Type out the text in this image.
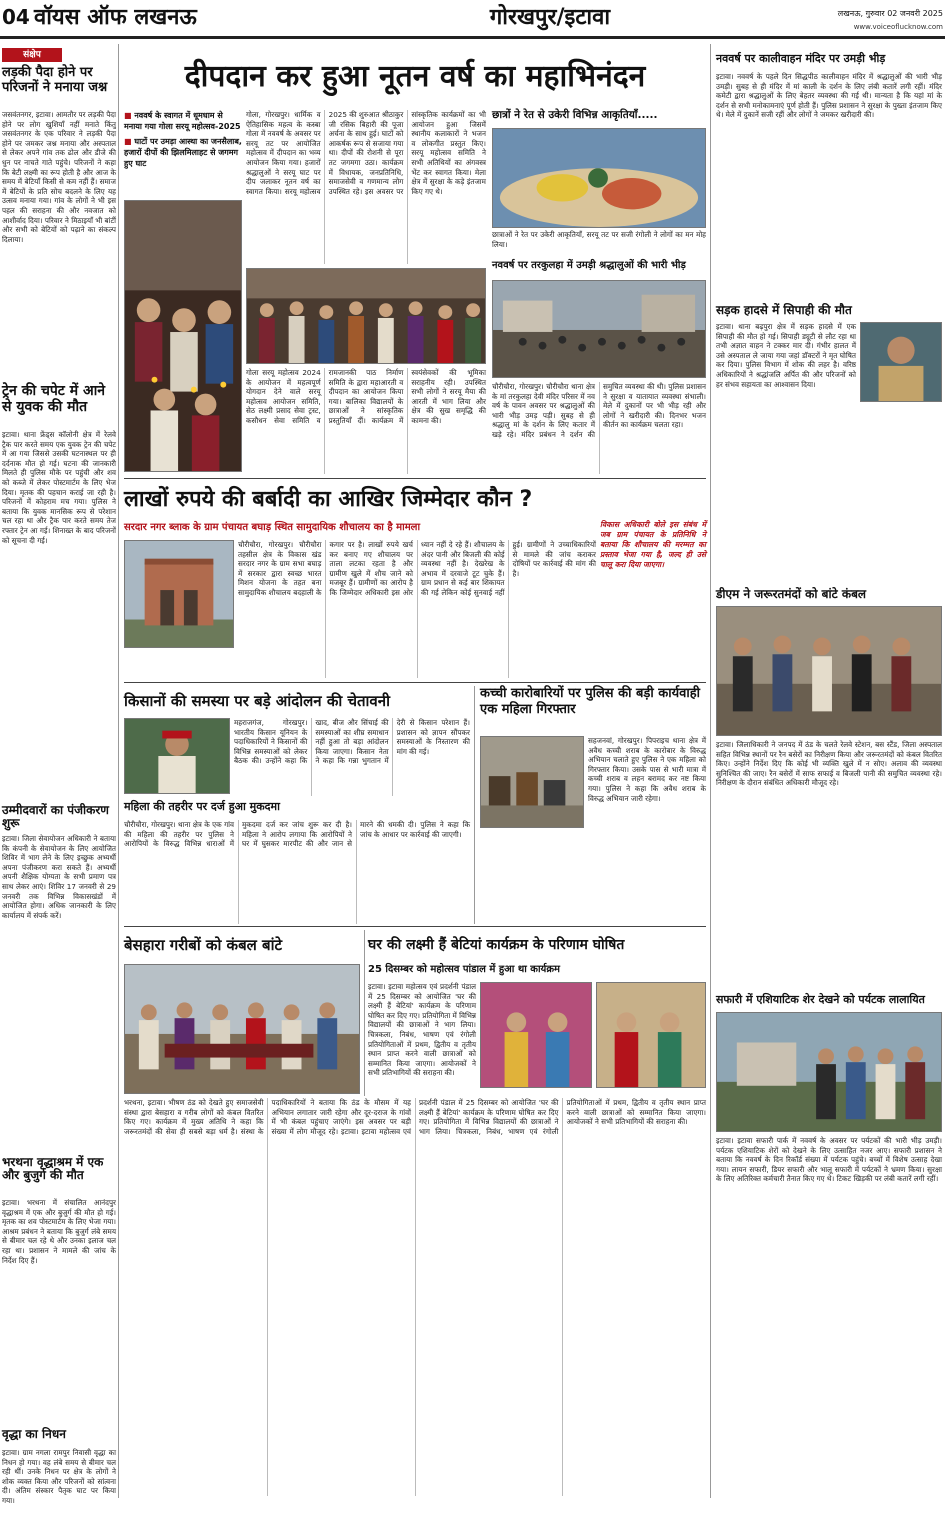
04 वॉयस ऑफ लखनऊ	गोरखपुर/इटावा	लखनऊ, गुरुवार 02 जनवरी 2025
www.voiceoflucknow.com
संक्षेप
लड़की पैदा होने पर परिजनों ने मनाया जश्न
जसवंतनगर, इटावा। आमतौर पर लड़की पैदा होने पर लोग खुशियाँ नहीं मनाते किंतु जसवंतनगर के एक परिवार ने लड़की पैदा होने पर जमकर जश्न मनाया और अस्पताल से लेकर अपने गांव तक ढोल और डीजे की धुन पर नाचते गाते पहुंचे। परिजनों ने कहा कि बेटी लक्ष्मी का रूप होती है और आज के समय में बेटियाँ किसी से कम नहीं हैं। समाज में बेटियों के प्रति सोच बदलने के लिए यह उत्सव मनाया गया। गांव के लोगों ने भी इस पहल की सराहना की और नवजात को आशीर्वाद दिया। परिवार ने मिठाइयाँ भी बांटीं और सभी को बेटियों को पढ़ाने का संकल्प दिलाया।
ट्रेन की चपेट में आने से युवक की मौत
इटावा। थाना फ्रेंड्स कॉलोनी क्षेत्र में रेलवे ट्रैक पार करते समय एक युवक ट्रेन की चपेट में आ गया जिससे उसकी घटनास्थल पर ही दर्दनाक मौत हो गई। घटना की जानकारी मिलते ही पुलिस मौके पर पहुंची और शव को कब्जे में लेकर पोस्टमार्टम के लिए भेज दिया। मृतक की पहचान कराई जा रही है। परिजनों में कोहराम मच गया। पुलिस ने बताया कि युवक मानसिक रूप से परेशान चल रहा था और ट्रैक पार करते समय तेज रफ्तार ट्रेन आ गई। शिनाख्त के बाद परिजनों को सूचना दी गई।
उम्मीदवारों का पंजीकरण शुरू
इटावा। जिला सेवायोजन अधिकारी ने बताया कि कंपनी के सेवायोजन के लिए आयोजित शिविर में भाग लेने के लिए इच्छुक अभ्यर्थी अपना पंजीकरण करा सकते हैं। अभ्यर्थी अपनी शैक्षिक योग्यता के सभी प्रमाण पत्र साथ लेकर आएं। शिविर 17 जनवरी से 29 जनवरी तक विभिन्न विकासखंडों में आयोजित होगा। अधिक जानकारी के लिए कार्यालय में संपर्क करें।
भरथना वृद्धाश्रम में एक और बुजुर्ग की मौत
इटावा। भरथना में संचालित आनंदपुर वृद्धाश्रम में एक और बुजुर्ग की मौत हो गई। मृतक का शव पोस्टमार्टम के लिए भेजा गया। आश्रम प्रबंधन ने बताया कि बुजुर्ग लंबे समय से बीमार चल रहे थे और उनका इलाज चल रहा था। प्रशासन ने मामले की जांच के निर्देश दिए हैं।
वृद्धा का निधन
इटावा। ग्राम नगला रामपुर निवासी वृद्धा का निधन हो गया। वह लंबे समय से बीमार चल रही थीं। उनके निधन पर क्षेत्र के लोगों ने शोक व्यक्त किया और परिजनों को सांत्वना दी। अंतिम संस्कार पैतृक घाट पर किया गया।
दीपदान कर हुआ नूतन वर्ष का महाभिनंदन
■ नववर्ष के स्वागत में धूमधाम से मनाया गया गोला सरयू महोत्सव-2025
■ घाटों पर उमड़ा आस्था का जनसैलाब, हजारों दीपों की झिलमिलाहट से जगमग हुए घाट
गोला, गोरखपुर। धार्मिक व ऐतिहासिक महत्व के कस्बा गोला में नववर्ष के अवसर पर सरयू तट पर आयोजित महोत्सव में दीपदान का भव्य आयोजन किया गया। हजारों श्रद्धालुओं ने सरयू घाट पर दीप जलाकर नूतन वर्ष का स्वागत किया। सरयू महोत्सव 2025 की शुरुआत श्रीठाकुर जी रसिक बिहारी की पूजा अर्चना के साथ हुई। घाटों को आकर्षक रूप से सजाया गया था। दीपों की रोशनी से पूरा तट जगमगा उठा। कार्यक्रम में विधायक, जनप्रतिनिधि, समाजसेवी व गणमान्य लोग उपस्थित रहे। इस अवसर पर सांस्कृतिक कार्यक्रमों का भी आयोजन हुआ जिसमें स्थानीय कलाकारों ने भजन व लोकगीत प्रस्तुत किए। सरयू महोत्सव समिति ने सभी अतिथियों का अंगवस्त्र भेंट कर स्वागत किया। मेला क्षेत्र में सुरक्षा के कड़े इंतजाम किए गए थे।
गोला सरयू महोत्सव 2024 के आयोजन में महत्वपूर्ण योगदान देने वाले सरयू महोत्सव आयोजन समिति, सेठ लक्ष्मी प्रसाद सेवा ट्रस्ट, कसौधन सेवा समिति व रामजानकी पाठ निर्माण समिति के द्वारा महाआरती व दीपदान का आयोजन किया गया। बालिका विद्यालयों के छात्राओं ने सांस्कृतिक प्रस्तुतियाँ दीं। कार्यक्रम में स्वयंसेवकों की भूमिका सराहनीय रही। उपस्थित सभी लोगों ने सरयू मैया की आरती में भाग लिया और क्षेत्र की सुख समृद्धि की कामना की।
छात्रों ने रेत से उकेरी विभिन्न आकृतियाँ.....
छात्राओं ने रेत पर उकेरी आकृतियाँ, सरयू तट पर सजी रंगोली ने लोगों का मन मोह लिया।
नववर्ष पर तरकुलहा में उमड़ी श्रद्धालुओं की भारी भीड़
चौरीचौरा, गोरखपुर। चौरीचौरा थाना क्षेत्र के मां तरकुलहा देवी मंदिर परिसर में नव वर्ष के पावन अवसर पर श्रद्धालुओं की भारी भीड़ उमड़ पड़ी। सुबह से ही श्रद्धालु मां के दर्शन के लिए कतार में खड़े रहे। मंदिर प्रबंधन ने दर्शन की समुचित व्यवस्था की थी। पुलिस प्रशासन ने सुरक्षा व यातायात व्यवस्था संभाली। मेले में दुकानों पर भी भीड़ रही और लोगों ने खरीदारी की। दिनभर भजन कीर्तन का कार्यक्रम चलता रहा।
लाखों रुपये की बर्बादी का आखिर जिम्मेदार कौन ?
सरदार नगर ब्लाक के ग्राम पंचायत बघाड़ स्थित सामुदायिक शौचालय का है मामला
चौरीचौरा, गोरखपुर। चौरीचौरा तहसील क्षेत्र के विकास खंड सरदार नगर के ग्राम सभा बघाड़ में सरकार द्वारा स्वच्छ भारत मिशन योजना के तहत बना सामुदायिक शौचालय बदहाली के कगार पर है। लाखों रुपये खर्च कर बनाए गए शौचालय पर ताला लटका रहता है और ग्रामीण खुले में शौच जाने को मजबूर हैं। ग्रामीणों का आरोप है कि जिम्मेदार अधिकारी इस ओर ध्यान नहीं दे रहे हैं। शौचालय के अंदर पानी और बिजली की कोई व्यवस्था नहीं है। देखरेख के अभाव में दरवाजे टूट चुके हैं। ग्राम प्रधान से कई बार शिकायत की गई लेकिन कोई सुनवाई नहीं हुई। ग्रामीणों ने उच्चाधिकारियों से मामले की जांच कराकर दोषियों पर कार्रवाई की मांग की है।
विकास अधिकारी बोले इस संबंध में जब ग्राम पंचायत के प्रतिनिधि ने बताया कि शौचालय की मरम्मत का प्रस्ताव भेजा गया है, जल्द ही उसे चालू करा दिया जाएगा।
किसानों की समस्या पर बड़े आंदोलन की चेतावनी
महराजगंज, गोरखपुर। भारतीय किसान यूनियन के पदाधिकारियों ने किसानों की विभिन्न समस्याओं को लेकर बैठक की। उन्होंने कहा कि खाद, बीज और सिंचाई की समस्याओं का शीघ्र समाधान नहीं हुआ तो बड़ा आंदोलन किया जाएगा। किसान नेता ने कहा कि गन्ना भुगतान में देरी से किसान परेशान हैं। प्रशासन को ज्ञापन सौंपकर समस्याओं के निस्तारण की मांग की गई।
महिला की तहरीर पर दर्ज हुआ मुकदमा
चौरीचौरा, गोरखपुर। थाना क्षेत्र के एक गांव की महिला की तहरीर पर पुलिस ने आरोपियों के विरुद्ध विभिन्न धाराओं में मुकदमा दर्ज कर जांच शुरू कर दी है। महिला ने आरोप लगाया कि आरोपियों ने घर में घुसकर मारपीट की और जान से मारने की धमकी दी। पुलिस ने कहा कि जांच के आधार पर कार्रवाई की जाएगी।
कच्ची कारोबारियों पर पुलिस की बड़ी कार्यवाही एक महिला गिरफ्तार
सहजनवां, गोरखपुर। पिपराइच थाना क्षेत्र में अवैध कच्ची शराब के कारोबार के विरुद्ध अभियान चलाते हुए पुलिस ने एक महिला को गिरफ्तार किया। उसके पास से भारी मात्रा में कच्ची शराब व लहन बरामद कर नष्ट किया गया। पुलिस ने कहा कि अवैध शराब के विरुद्ध अभियान जारी रहेगा।
बेसहारा गरीबों को कंबल बांटे	घर की लक्ष्मी हैं बेटियां कार्यक्रम के परिणाम घोषित
25 दिसम्बर को महोत्सव पांडाल में हुआ था कार्यक्रम
इटावा। इटावा महोत्सव एवं प्रदर्शनी पंडाल में 25 दिसम्बर को आयोजित 'घर की लक्ष्मी हैं बेटियां' कार्यक्रम के परिणाम घोषित कर दिए गए। प्रतियोगिता में विभिन्न विद्यालयों की छात्राओं ने भाग लिया। चित्रकला, निबंध, भाषण एवं रंगोली प्रतियोगिताओं में प्रथम, द्वितीय व तृतीय स्थान प्राप्त करने वाली छात्राओं को सम्मानित किया जाएगा। आयोजकों ने सभी प्रतिभागियों की सराहना की।
भरथना, इटावा। भीषण ठंड को देखते हुए समाजसेवी संस्था द्वारा बेसहारा व गरीब लोगों को कंबल वितरित किए गए। कार्यक्रम में मुख्य अतिथि ने कहा कि जरूरतमंदों की सेवा ही सबसे बड़ा धर्म है। संस्था के पदाधिकारियों ने बताया कि ठंड के मौसम में यह अभियान लगातार जारी रहेगा और दूर-दराज के गांवों में भी कंबल पहुंचाए जाएंगे। इस अवसर पर बड़ी संख्या में लोग मौजूद रहे। इटावा। इटावा महोत्सव एवं प्रदर्शनी पंडाल में 25 दिसम्बर को आयोजित 'घर की लक्ष्मी हैं बेटियां' कार्यक्रम के परिणाम घोषित कर दिए गए। प्रतियोगिता में विभिन्न विद्यालयों की छात्राओं ने भाग लिया। चित्रकला, निबंध, भाषण एवं रंगोली प्रतियोगिताओं में प्रथम, द्वितीय व तृतीय स्थान प्राप्त करने वाली छात्राओं को सम्मानित किया जाएगा। आयोजकों ने सभी प्रतिभागियों की सराहना की।
नववर्ष पर कालीवाहन मंदिर पर उमड़ी भीड़
इटावा। नववर्ष के पहले दिन सिद्धपीठ कालीवाहन मंदिर में श्रद्धालुओं की भारी भीड़ उमड़ी। सुबह से ही मंदिर में मां काली के दर्शन के लिए लंबी कतारें लगी रहीं। मंदिर कमेटी द्वारा श्रद्धालुओं के लिए बेहतर व्यवस्था की गई थी। मान्यता है कि यहां मां के दर्शन से सभी मनोकामनाएं पूर्ण होती हैं। पुलिस प्रशासन ने सुरक्षा के पुख्ता इंतजाम किए थे। मेले में दुकानें सजी रहीं और लोगों ने जमकर खरीदारी की।
सड़क हादसे में सिपाही की मौत
इटावा। थाना बढ़पुरा क्षेत्र में सड़क हादसे में एक सिपाही की मौत हो गई। सिपाही ड्यूटी से लौट रहा था तभी अज्ञात वाहन ने टक्कर मार दी। गंभीर हालत में उसे अस्पताल ले जाया गया जहां डॉक्टरों ने मृत घोषित कर दिया। पुलिस विभाग में शोक की लहर है। वरिष्ठ अधिकारियों ने श्रद्धांजलि अर्पित की और परिजनों को हर संभव सहायता का आश्वासन दिया।
डीएम ने जरूरतमंदों को बांटे कंबल
इटावा। जिलाधिकारी ने जनपद में ठंड के चलते रेलवे स्टेशन, बस स्टैंड, जिला अस्पताल सहित विभिन्न स्थानों पर रैन बसेरों का निरीक्षण किया और जरूरतमंदों को कंबल वितरित किए। उन्होंने निर्देश दिए कि कोई भी व्यक्ति खुले में न सोए। अलाव की व्यवस्था सुनिश्चित की जाए। रैन बसेरों में साफ सफाई व बिजली पानी की समुचित व्यवस्था रहे। निरीक्षण के दौरान संबंधित अधिकारी मौजूद रहे।
सफारी में एशियाटिक शेर देखने को पर्यटक लालायित
इटावा। इटावा सफारी पार्क में नववर्ष के अवसर पर पर्यटकों की भारी भीड़ उमड़ी। पर्यटक एशियाटिक शेरों को देखने के लिए उत्साहित नजर आए। सफारी प्रशासन ने बताया कि नववर्ष के दिन रिकॉर्ड संख्या में पर्यटक पहुंचे। बच्चों में विशेष उत्साह देखा गया। लायन सफारी, डियर सफारी और भालू सफारी में पर्यटकों ने भ्रमण किया। सुरक्षा के लिए अतिरिक्त कर्मचारी तैनात किए गए थे। टिकट खिड़की पर लंबी कतारें लगी रहीं।
